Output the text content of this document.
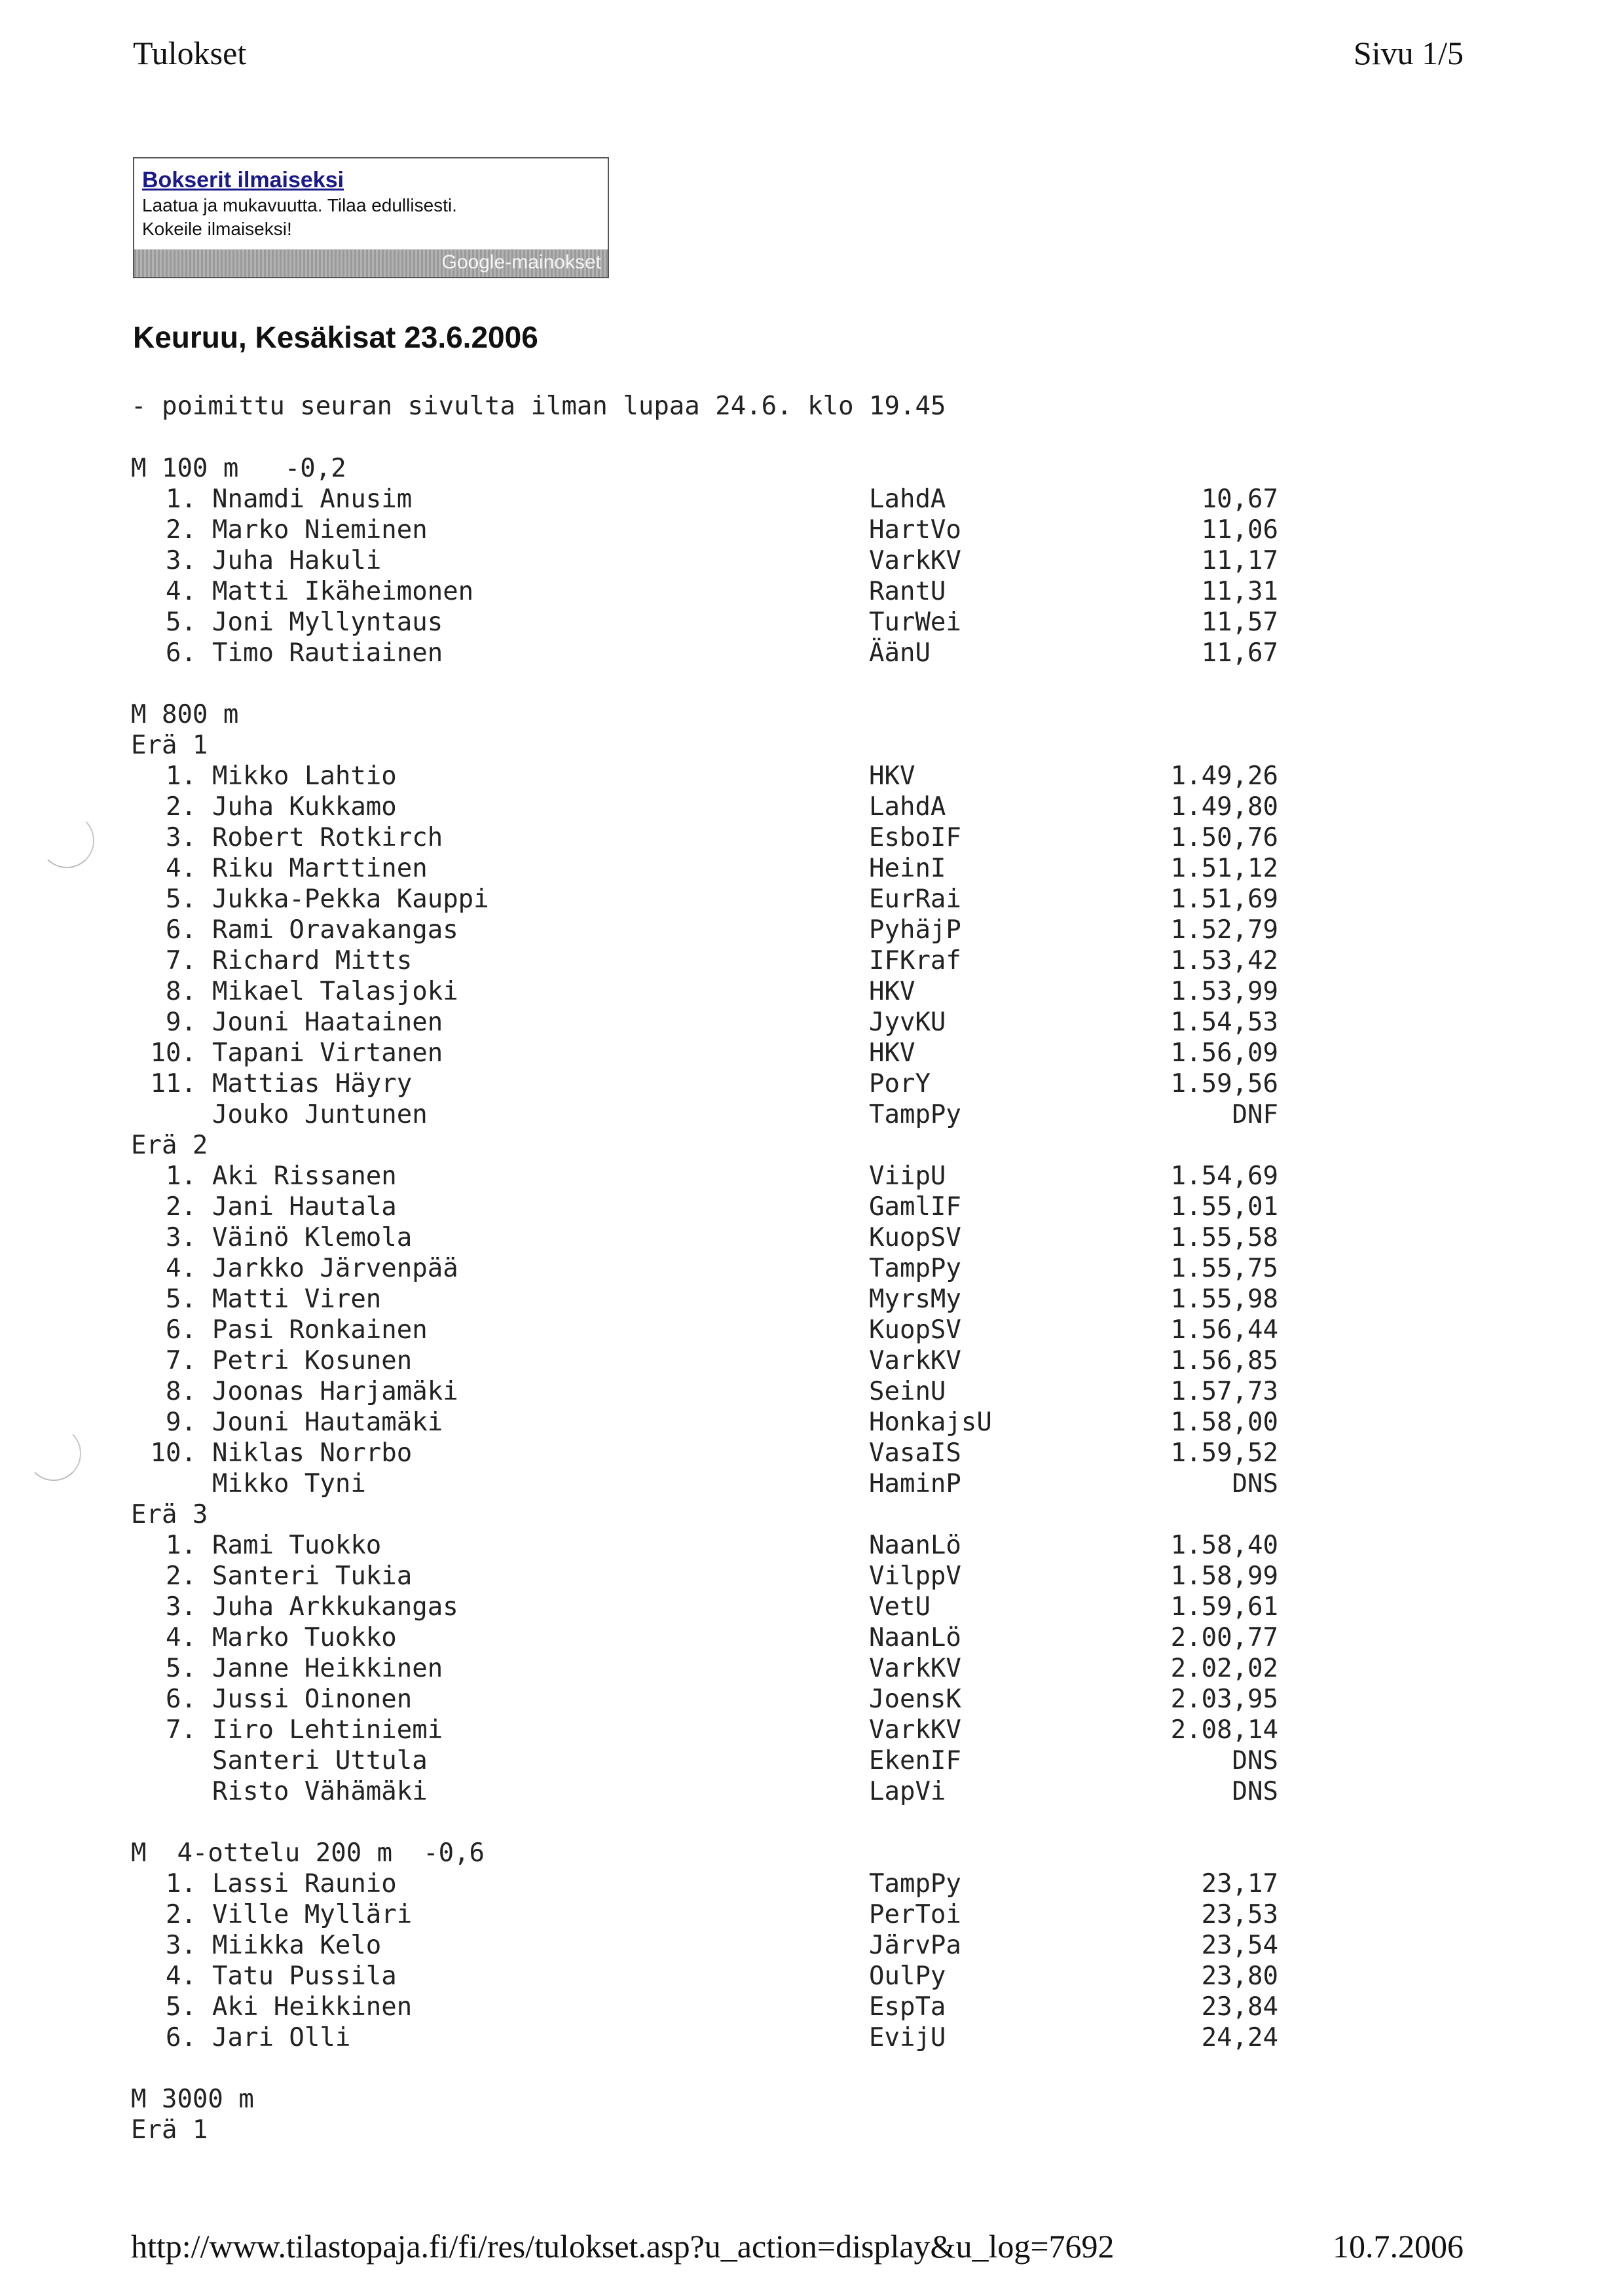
Tulokset	Sivu 1/5
Bokserit ilmaiseksi
Laatua ja mukavuutta. Tilaa edullisesti.
Kokeile ilmaiseksi!
Google-mainokset
Keuruu, Kesäkisat 23.6.2006
- poimittu seuran sivulta ilman lupaa 24.6. klo 19.45
M 100 m   -0,2
1. Nnamdi Anusim	LahdA	10,67
2. Marko Nieminen	HartVo	11,06
3. Juha Hakuli	VarkKV	11,17
4. Matti Ikäheimonen	RantU	11,31
5. Joni Myllyntaus	TurWei	11,57
6. Timo Rautiainen	ÄänU	11,67
M 800 m
Erä 1
1. Mikko Lahtio	HKV	1.49,26
2. Juha Kukkamo	LahdA	1.49,80
3. Robert Rotkirch	EsboIF	1.50,76
4. Riku Marttinen	HeinI	1.51,12
5. Jukka-Pekka Kauppi	EurRai	1.51,69
6. Rami Oravakangas	PyhäjP	1.52,79
7. Richard Mitts	IFKraf	1.53,42
8. Mikael Talasjoki	HKV	1.53,99
9. Jouni Haatainen	JyvKU	1.54,53
10. Tapani Virtanen	HKV	1.56,09
11. Mattias Häyry	PorY	1.59,56
Jouko Juntunen	TampPy	DNF
Erä 2
1. Aki Rissanen	ViipU	1.54,69
2. Jani Hautala	GamlIF	1.55,01
3. Väinö Klemola	KuopSV	1.55,58
4. Jarkko Järvenpää	TampPy	1.55,75
5. Matti Viren	MyrsMy	1.55,98
6. Pasi Ronkainen	KuopSV	1.56,44
7. Petri Kosunen	VarkKV	1.56,85
8. Joonas Harjamäki	SeinU	1.57,73
9. Jouni Hautamäki	HonkajsU	1.58,00
10. Niklas Norrbo	VasaIS	1.59,52
Mikko Tyni	HaminP	DNS
Erä 3
1. Rami Tuokko	NaanLö	1.58,40
2. Santeri Tukia	VilppV	1.58,99
3. Juha Arkkukangas	VetU	1.59,61
4. Marko Tuokko	NaanLö	2.00,77
5. Janne Heikkinen	VarkKV	2.02,02
6. Jussi Oinonen	JoensK	2.03,95
7. Iiro Lehtiniemi	VarkKV	2.08,14
Santeri Uttula	EkenIF	DNS
Risto Vähämäki	LapVi	DNS
M  4-ottelu 200 m  -0,6
1. Lassi Raunio	TampPy	23,17
2. Ville Mylläri	PerToi	23,53
3. Miikka Kelo	JärvPa	23,54
4. Tatu Pussila	OulPy	23,80
5. Aki Heikkinen	EspTa	23,84
6. Jari Olli	EvijU	24,24
M 3000 m
Erä 1
http://www.tilastopaja.fi/fi/res/tulokset.asp?u_action=display&u_log=7692	10.7.2006
